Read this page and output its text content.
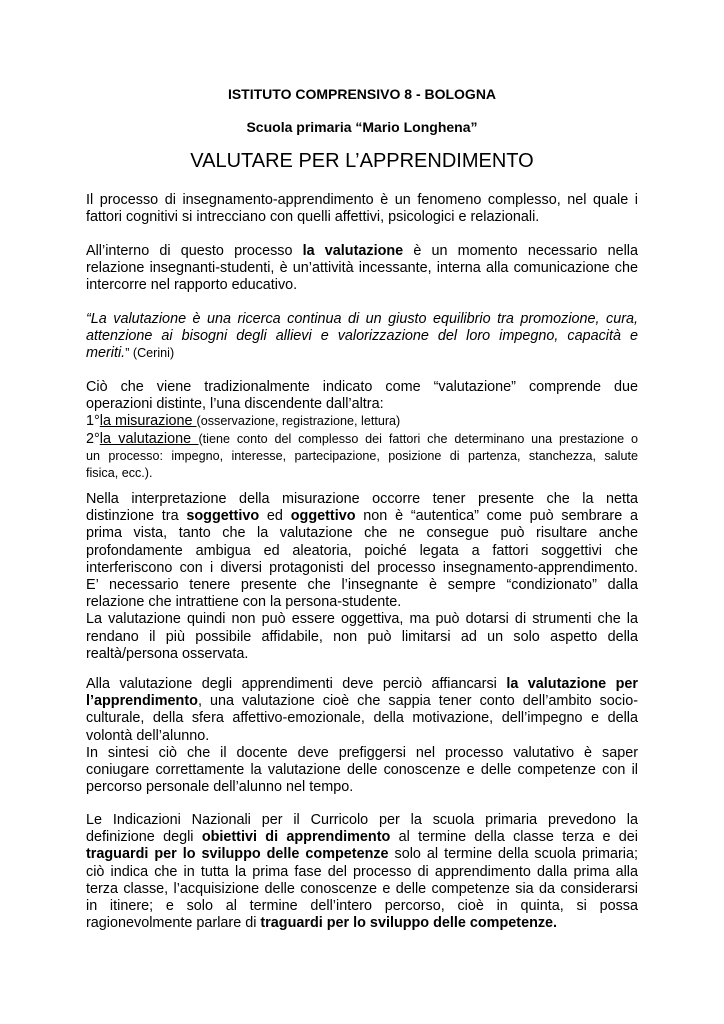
ISTITUTO COMPRENSIVO 8 - BOLOGNA
Scuola primaria “Mario Longhena”
VALUTARE PER L’APPRENDIMENTO
Il processo di insegnamento-apprendimento è un fenomeno complesso, nel quale i
fattori cognitivi si intrecciano con quelli affettivi, psicologici e relazionali.
All’interno di questo processo la valutazione è un momento necessario nella
relazione insegnanti-studenti, è un’attività incessante, interna alla comunicazione che
intercorre nel rapporto educativo.
“La valutazione è una ricerca continua di un giusto equilibrio tra promozione, cura,
attenzione ai bisogni degli allievi e valorizzazione del loro impegno, capacità e
meriti.” (Cerini)
Ciò che viene tradizionalmente indicato come “valutazione” comprende due
operazioni distinte, l’una discendente dall’altra:
1°la misurazione (osservazione, registrazione, lettura)
2°la valutazione (tiene conto del complesso dei fattori che determinano una prestazione o
un processo: impegno, interesse, partecipazione, posizione di partenza, stanchezza, salute
fisica, ecc.).
Nella interpretazione della misurazione occorre tener presente che la netta
distinzione tra soggettivo ed oggettivo non è “autentica” come può sembrare a
prima vista, tanto che la valutazione che ne consegue può risultare anche
profondamente ambigua ed aleatoria, poiché legata a fattori soggettivi che
interferiscono con i diversi protagonisti del processo insegnamento-apprendimento.
E’ necessario tenere presente che l’insegnante è sempre “condizionato” dalla
relazione che intrattiene con la persona-studente.
La valutazione quindi non può essere oggettiva, ma può dotarsi di strumenti che la
rendano il più possibile affidabile, non può limitarsi ad un solo aspetto della
realtà/persona osservata.
Alla valutazione degli apprendimenti deve perciò affiancarsi la valutazione per
l’apprendimento, una valutazione cioè che sappia tener conto dell’ambito socio-
culturale, della sfera affettivo-emozionale, della motivazione, dell’impegno e della
volontà dell’alunno.
In sintesi ciò che il docente deve prefiggersi nel processo valutativo è saper
coniugare correttamente la valutazione delle conoscenze e delle competenze con il
percorso personale dell’alunno nel tempo.
Le Indicazioni Nazionali per il Curricolo per la scuola primaria prevedono la
definizione degli obiettivi di apprendimento al termine della classe terza e dei
traguardi per lo sviluppo delle competenze solo al termine della scuola primaria;
ciò indica che in tutta la prima fase del processo di apprendimento dalla prima alla
terza classe, l’acquisizione delle conoscenze e delle competenze sia da considerarsi
in itinere; e solo al termine dell’intero percorso, cioè in quinta, si possa
ragionevolmente parlare di traguardi per lo sviluppo delle competenze.
